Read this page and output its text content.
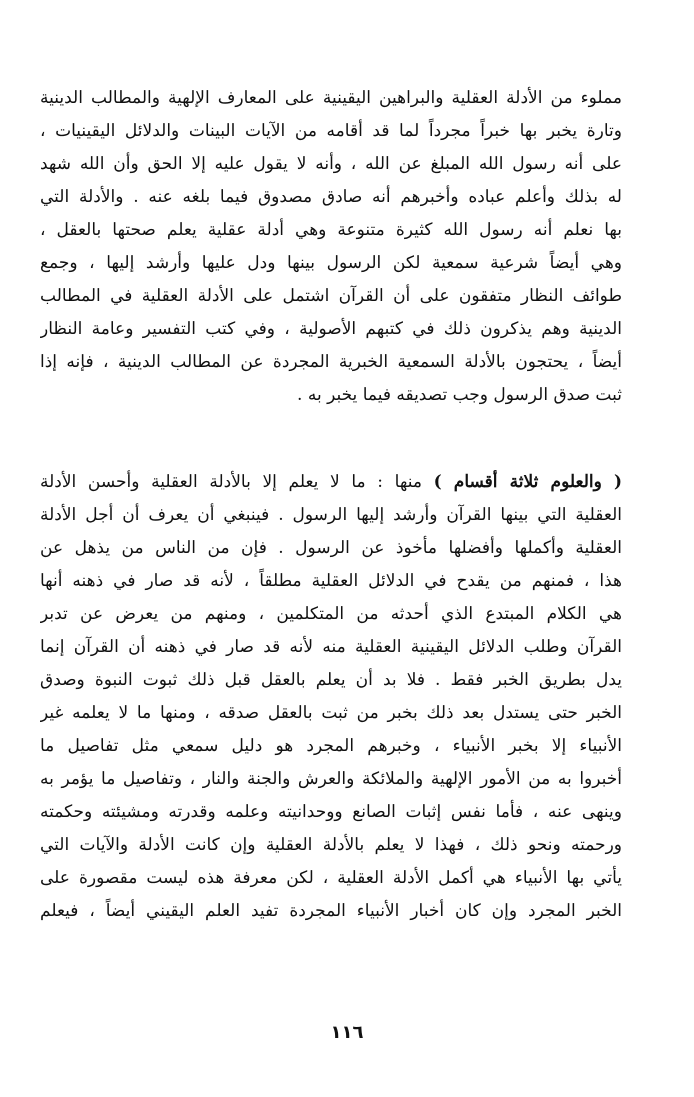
مملوء من الأدلة العقلية والبراهين اليقينية على المعارف الإلهية والمطالب الدينية
وتارة يخبر بها خبراً مجرداً لما قد أقامه من الآيات البينات والدلائل اليقينيات ،
على أنه رسول الله المبلغ عن الله ، وأنه لا يقول عليه إلا الحق وأن الله شهد
له بذلك وأعلم عباده وأخبرهم أنه صادق مصدوق فيما بلغه عنه . والأدلة التي
بها نعلم أنه رسول الله كثيرة متنوعة وهي أدلة عقلية يعلم صحتها بالعقل ،
وهي أيضاً شرعية سمعية لكن الرسول بينها ودل عليها وأرشد إليها ، وجمع
طوائف النظار متفقون على أن القرآن اشتمل على الأدلة العقلية في المطالب
الدينية وهم يذكرون ذلك في كتبهم الأصولية ، وفي كتب التفسير وعامة النظار
أيضاً ، يحتجون بالأدلة السمعية الخبرية المجردة عن المطالب الدينية ، فإنه إذا
ثبت صدق الرسول وجب تصديقه فيما يخبر به .
( والعلوم ثلاثة أقسام ) منها : ما لا يعلم إلا بالأدلة العقلية وأحسن الأدلة
العقلية التي بينها القرآن وأرشد إليها الرسول . فينبغي أن يعرف أن أجل الأدلة
العقلية وأكملها وأفضلها مأخوذ عن الرسول . فإن من الناس من يذهل عن
هذا ، فمنهم من يقدح في الدلائل العقلية مطلقاً ، لأنه قد صار في ذهنه أنها
هي الكلام المبتدع الذي أحدثه من المتكلمين ، ومنهم من يعرض عن تدبر
القرآن وطلب الدلائل اليقينية العقلية منه لأنه قد صار في ذهنه أن القرآن إنما
يدل بطريق الخبر فقط . فلا بد أن يعلم بالعقل قبل ذلك ثبوت النبوة وصدق
الخبر حتى يستدل بعد ذلك بخبر من ثبت بالعقل صدقه ، ومنها ما لا يعلمه غير
الأنبياء إلا بخبر الأنبياء ، وخبرهم المجرد هو دليل سمعي مثل تفاصيل ما
أخبروا به من الأمور الإلهية والملائكة والعرش والجنة والنار ، وتفاصيل ما يؤمر به
وينهى عنه ، فأما نفس إثبات الصانع ووحدانيته وعلمه وقدرته ومشيئته وحكمته
ورحمته ونحو ذلك ، فهذا لا يعلم بالأدلة العقلية وإن كانت الأدلة والآيات التي
يأتي بها الأنبياء هي أكمل الأدلة العقلية ، لكن معرفة هذه ليست مقصورة على
الخبر المجرد وإن كان أخبار الأنبياء المجردة تفيد العلم اليقيني أيضاً ، فيعلم
١١٦
